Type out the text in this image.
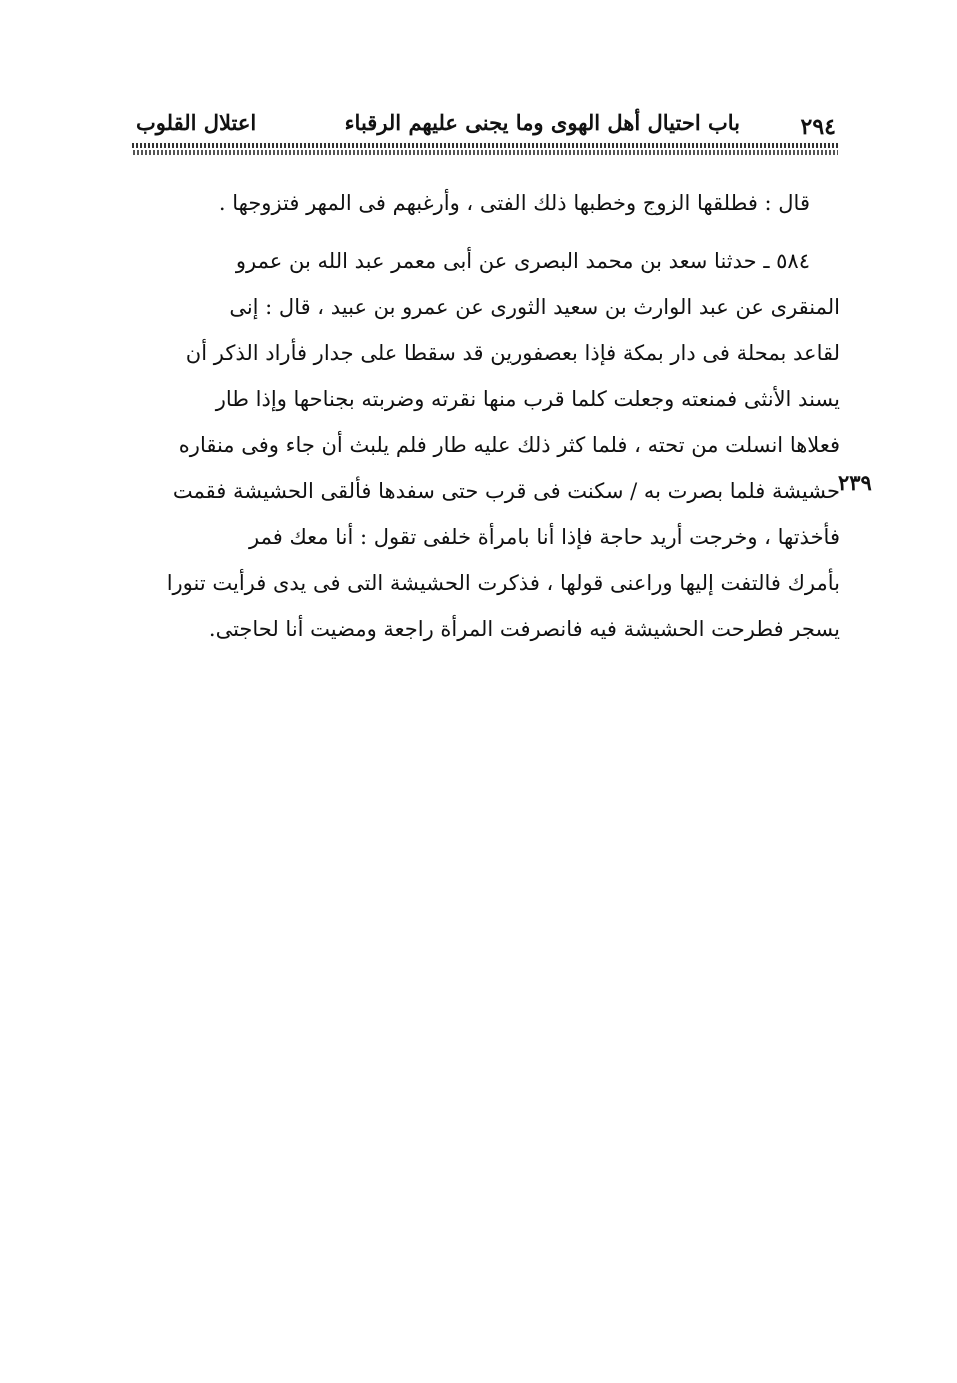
٢٩٤
باب احتيال أهل الهوى وما يجنى عليهم الرقباء
اعتلال القلوب
قال : فطلقها الزوج وخطبها ذلك الفتى ، وأرغبهم فى المهر فتزوجها .
٥٨٤ ـ حدثنا سعد بن محمد البصرى عن أبى معمر عبد الله بن عمرو
المنقرى عن عبد الوارث بن سعيد الثورى عن عمرو بن عبيد ، قال : إنى
لقاعد بمحلة فى دار بمكة فإذا بعصفورين قد سقطا على جدار فأراد الذكر أن
يسند الأنثى فمنعته وجعلت كلما قرب منها نقرته وضربته بجناحها وإذا طار
فعلاها انسلت من تحته ، فلما كثر ذلك عليه طار فلم يلبث أن جاء وفى منقاره
حشيشة فلما بصرت به / سكنت فى قرب حتى سفدها فألقى الحشيشة فقمت
فأخذتها ، وخرجت أريد حاجة فإذا أنا بامرأة خلفى تقول : أنا معك فمر
بأمرك فالتفت إليها وراعنى قولها ، فذكرت الحشيشة التى فى يدى فرأيت تنورا
يسجر فطرحت الحشيشة فيه فانصرفت المرأة راجعة ومضيت أنا لحاجتى.
٢٣٩
